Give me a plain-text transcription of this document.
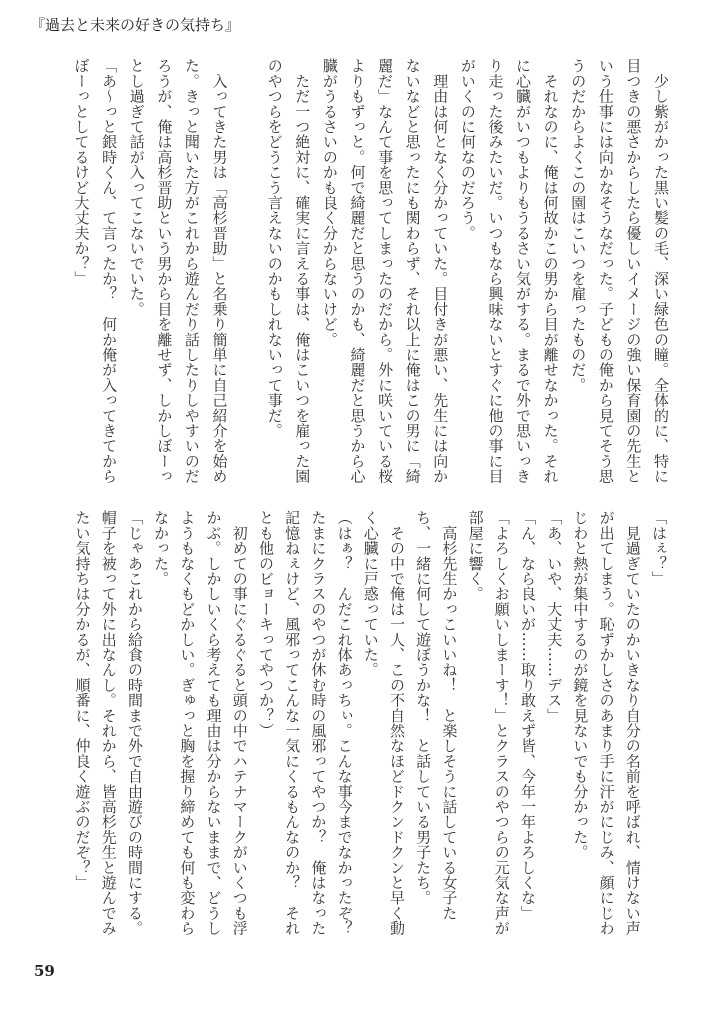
『過去と未来の好きの気持ち』
　少し紫がかった黒い髪の毛、深い緑色の瞳。全体的に、特に
目つきの悪さからしたら優しいイメージの強い保育園の先生と
いう仕事には向かなそうなだった。子どもの俺から見てそう思
うのだからよくこの園はこいつを雇ったものだ。
　それなのに、俺は何故かこの男から目が離せなかった。それ
に心臓がいつもよりもうるさい気がする。まるで外で思いっき
り走った後みたいだ。いつもなら興味ないとすぐに他の事に目
がいくのに何なのだろう。
　理由は何となく分かっていた。目付きが悪い、先生には向か
ないなどと思ったにも関わらず、それ以上に俺はこの男に「綺
麗だ」なんて事を思ってしまったのだから。外に咲いている桜
よりもずっと。何で綺麗だと思うのかも、綺麗だと思うから心
臓がうるさいのかも良く分からないけど。
　ただ一つ絶対に、確実に言える事は、俺はこいつを雇った園
のやつらをどうこう言えないのかもしれないって事だ。

　入ってきた男は「高杉晋助」と名乗り簡単に自己紹介を始め
た。きっと聞いた方がこれから遊んだり話したりしやすいのだ
ろうが、俺は高杉晋助という男から目を離せず、しかしぼーっ
とし過ぎて話が入ってこないでいた。
「あ〜っと銀時くん、て言ったか？　何か俺が入ってきてから
ぼーっとしてるけど大丈夫か？」
「はぇ？」
　見過ぎていたのかいきなり自分の名前を呼ばれ、情けない声
が出てしまう。恥ずかしさのあまり手に汗がにじみ、顔にじわ
じわと熱が集中するのが鏡を見ないでも分かった。
「あ、いや、大丈夫……デス」
「ん、なら良いが……取り敢えず皆、今年一年よろしくな」
「よろしくお願いしまーす！」とクラスのやつらの元気な声が
部屋に響く。
　高杉先生かっこいいね！　と楽しそうに話している女子た
ち、一緒に何して遊ぼうかな！　と話している男子たち。
　その中で俺は一人、この不自然なほどドクンドクンと早く動
く心臓に戸惑っていた。
（はぁ？　んだこれ体あっちぃ。こんな事今までなかったぞ？
たまにクラスのやつが休む時の風邪ってやつか？　俺はなった
記憶ねぇけど、風邪ってこんな一気にくるもんなのか？　それ
とも他のビョーキってやつか？）
　初めての事にぐるぐると頭の中でハテナマークがいくつも浮
かぶ。しかしいくら考えても理由は分からないままで、どうし
ようもなくもどかしい。ぎゅっと胸を握り締めても何も変わら
なかった。
「じゃあこれから給食の時間まで外で自由遊びの時間にする。
帽子を被って外に出なんし。それから、皆高杉先生と遊んでみ
たい気持ちは分かるが、順番に、仲良く遊ぶのだぞ？」
59
